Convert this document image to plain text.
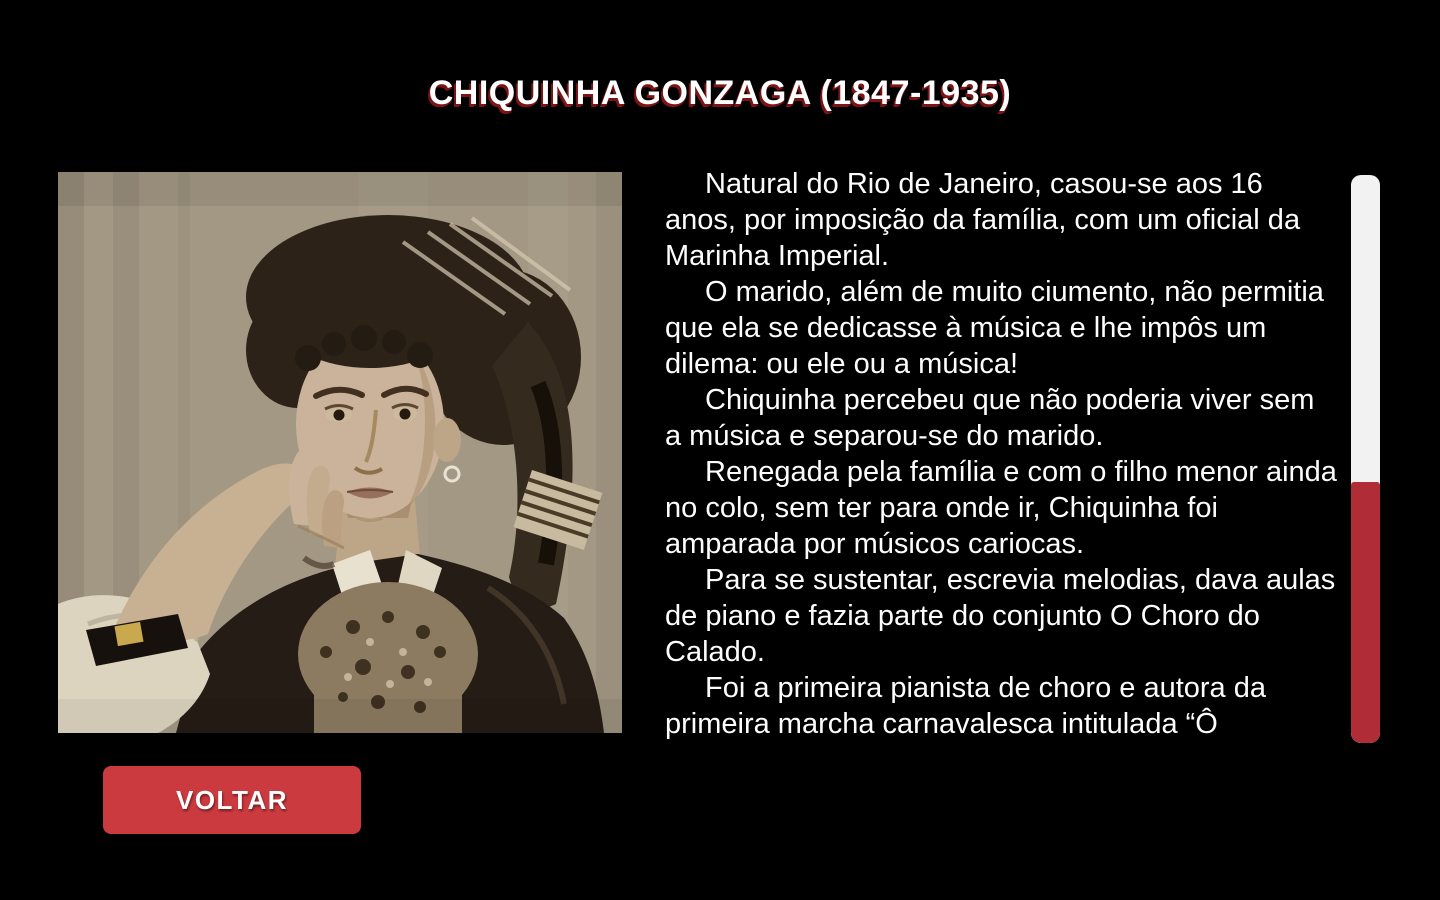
CHIQUINHA GONZAGA (1847-1935)

Natural do Rio de Janeiro, casou-se aos 16 anos, por imposição da família, com um oficial da Marinha Imperial.

O marido, além de muito ciumento, não permitia que ela se dedicasse à música e lhe impôs um dilema: ou ele ou a música!

Chiquinha percebeu que não poderia viver sem a música e separou-se do marido.

Renegada pela família e com o filho menor ainda no colo, sem ter para onde ir, Chiquinha foi amparada por músicos cariocas.

Para se sustentar, escrevia melodias, dava aulas de piano e fazia parte do conjunto O Choro do Calado.

Foi a primeira pianista de choro e autora da primeira marcha carnavalesca intitulada “Ô

VOLTAR
